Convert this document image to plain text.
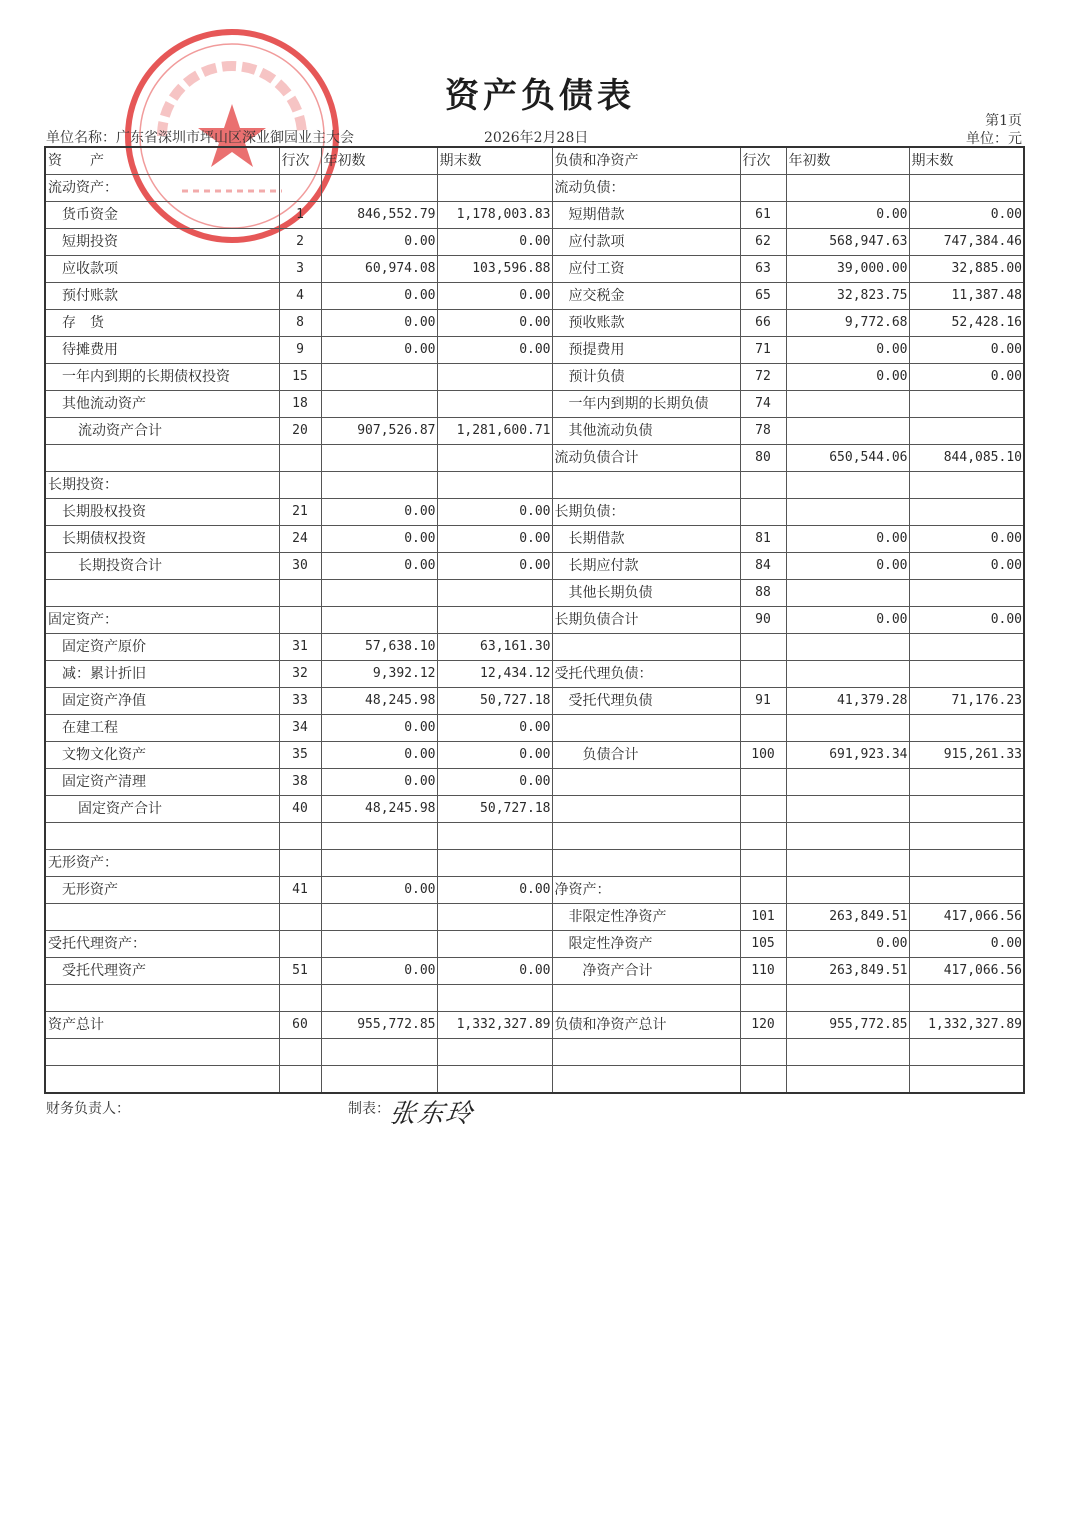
资产负债表
单位名称：广东省深圳市坪山区深业御园业主大会	2026年2月28日
第1页
单位：元
资　　产	行次	年初数	期末数	负债和净资产	行次	年初数	期末数
流动资产：				流动负债：			
货币资金	1	846,552.79	1,178,003.83	短期借款	61	0.00	0.00
短期投资	2	0.00	0.00	应付款项	62	568,947.63	747,384.46
应收款项	3	60,974.08	103,596.88	应付工资	63	39,000.00	32,885.00
预付账款	4	0.00	0.00	应交税金	65	32,823.75	11,387.48
存　货	8	0.00	0.00	预收账款	66	9,772.68	52,428.16
待摊费用	9	0.00	0.00	预提费用	71	0.00	0.00
一年内到期的长期债权投资	15			预计负债	72	0.00	0.00
其他流动资产	18			一年内到期的长期负债	74		
流动资产合计	20	907,526.87	1,281,600.71	其他流动负债	78		
				流动负债合计	80	650,544.06	844,085.10
长期投资：							
长期股权投资	21	0.00	0.00	长期负债：			
长期债权投资	24	0.00	0.00	长期借款	81	0.00	0.00
长期投资合计	30	0.00	0.00	长期应付款	84	0.00	0.00
				其他长期负债	88		
固定资产：				长期负债合计	90	0.00	0.00
固定资产原价	31	57,638.10	63,161.30				
减：累计折旧	32	9,392.12	12,434.12	受托代理负债：			
固定资产净值	33	48,245.98	50,727.18	受托代理负债	91	41,379.28	71,176.23
在建工程	34	0.00	0.00				
文物文化资产	35	0.00	0.00	负债合计	100	691,923.34	915,261.33
固定资产清理	38	0.00	0.00				
固定资产合计	40	48,245.98	50,727.18				

无形资产：							
无形资产	41	0.00	0.00	净资产：			
				非限定性净资产	101	263,849.51	417,066.56
受托代理资产：				限定性净资产	105	0.00	0.00
受托代理资产	51	0.00	0.00	净资产合计	110	263,849.51	417,066.56

资产总计	60	955,772.85	1,332,327.89	负债和净资产总计	120	955,772.85	1,332,327.89

财务负责人：	制表：
张东玲
